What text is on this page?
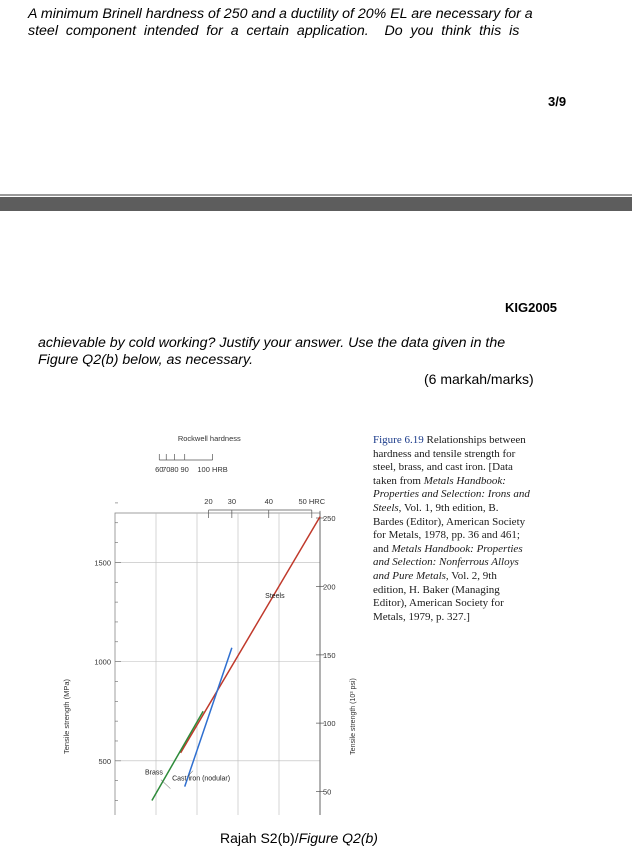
A minimum Brinell hardness of 250 and a ductility of 20% EL are necessary for a
steel  component  intended  for  a  certain  application.    Do  you  think  this  is
3/9
KIG2005
achievable by cold working? Justify your answer. Use the data given in the
Figure Q2(b) below, as necessary.
(6 markah/marks)
500
1000
1500
Tensile strength (MPa)
50
100
150
200
250
Tensile strength (10³ psi)
Rockwell hardness
60
70 80 90 100 HRB
20 30	40	50 HRC
Steels
Brass
Cast iron (nodular)
Figure 6.19 Relationships between hardness and tensile strength for steel, brass, and cast iron. [Data taken from Metals Handbook: Properties and Selection: Irons and Steels, Vol. 1, 9th edition, B. Bardes (Editor), American Society for Metals, 1978, pp. 36 and 461; and Metals Handbook: Properties and Selection: Nonferrous Alloys and Pure Metals, Vol. 2, 9th edition, H. Baker (Managing Editor), American Society for Metals, 1979, p. 327.]
Rajah S2(b)/Figure Q2(b)
